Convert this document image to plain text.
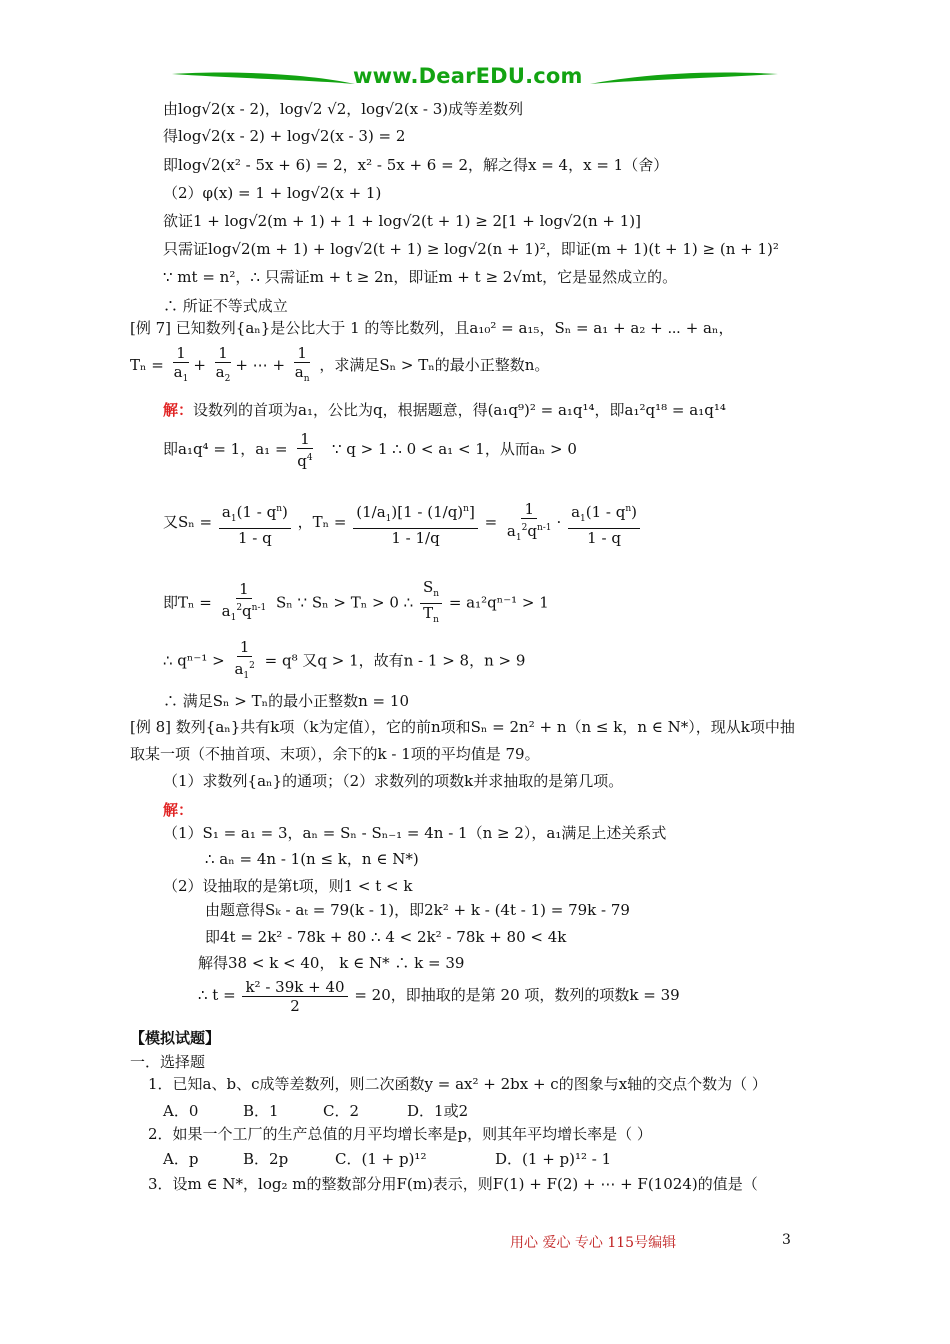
www.DearEDU.com
由log√2(x - 2)，log√2 √2，log√2(x - 3)成等差数列
得log√2(x - 2) + log√2(x - 3) = 2
即log√2(x² - 5x + 6) = 2，x² - 5x + 6 = 2，解之得x = 4，x = 1（舍）
（2）φ(x) = 1 + log√2(x + 1)
欲证1 + log√2(m + 1) + 1 + log√2(t + 1) ≥ 2[1 + log√2(n + 1)]
只需证log√2(m + 1) + log√2(t + 1) ≥ log√2(n + 1)²，即证(m + 1)(t + 1) ≥ (n + 1)²
∵ mt = n²，∴ 只需证m + t ≥ 2n，即证m + t ≥ 2√mt，它是显然成立的。
∴ 所证不等式成立
[例 7] 已知数列{aₙ}是公比大于 1 的等比数列，且a₁₀² = a₁₅，Sₙ = a₁ + a₂ + ⋯ + aₙ，
$T_n = \frac{1}{a_1} + \frac{1}{a_2}$ + ⋯ + $\frac{1}{a_n}$ ，求满足Sₙ > Tₙ的最小正整数n。
解：设数列的首项为a₁，公比为q，根据题意，得(a₁q⁹)² = a₁q¹⁴，即a₁²q¹⁸ = a₁q¹⁴
即a₁q⁴ = 1，$a_1 = \frac{1}{q^4}$ ∵ q > 1 ∴ 0 < a₁ < 1，从而aₙ > 0
又$S_n = \frac{a_1(1 - q^n)}{1 - q}$ ，$T_n = \frac{(1/a_1)[1 - (1/q)^n]}{1 - 1/q} = \frac{1}{a_1^2q^{n-1}} \cdot \frac{a_1(1 - q^n)}{1 - q}$
即$T_n = \frac{1}{a_1^2q^{n-1}}$ Sₙ ∵ Sₙ > Tₙ > 0 ∴ $\frac{S_n}{T_n} = a_1^2q^{n-1} > 1$
∴ $q^{n-1} > \frac{1}{a_1^2} = q^8$ 又q > 1，故有n - 1 > 8，n > 9
∴ 满足Sₙ > Tₙ的最小正整数n = 10
[例 8] 数列{aₙ}共有k项（k为定值），它的前n项和Sₙ = 2n² + n（n ≤ k，n ∈ N*），现从k项中抽
取某一项（不抽首项、末项），余下的k - 1项的平均值是 79。
（1）求数列{aₙ}的通项；（2）求数列的项数k并求抽取的是第几项。
解：
（1）S₁ = a₁ = 3，aₙ = Sₙ - Sₙ₋₁ = 4n - 1（n ≥ 2），a₁满足上述关系式
∴ aₙ = 4n - 1(n ≤ k，n ∈ N*)
（2）设抽取的是第t项，则1 < t < k
由题意得Sₖ - aₜ = 79(k - 1)，即2k² + k - (4t - 1) = 79k - 79
即4t = 2k² - 78k + 80 ∴ 4 < 2k² - 78k + 80 < 4k
解得38 < k < 40， k ∈ N* ∴ k = 39
∴ $t = \frac{\text{k² - 39k + 40}}{2} = 20$，即抽取的是第 20 项，数列的项数k = 39
【模拟试题】
一．选择题
1．已知a、b、c成等差数列，则二次函数y = ax² + 2bx + c的图象与x轴的交点个数为（ ）
A．0	B．1	C．2	D．1或2
2．如果一个工厂的生产总值的月平均增长率是p，则其年平均增长率是（ ）
A．p	B．2p	C．(1 + p)¹²	D．(1 + p)¹² - 1
3．设m ∈ N*，log₂ m的整数部分用F(m)表示，则F(1) + F(2) + ⋯ + F(1024)的值是（
用心 爱心 专心 115号编辑	3
